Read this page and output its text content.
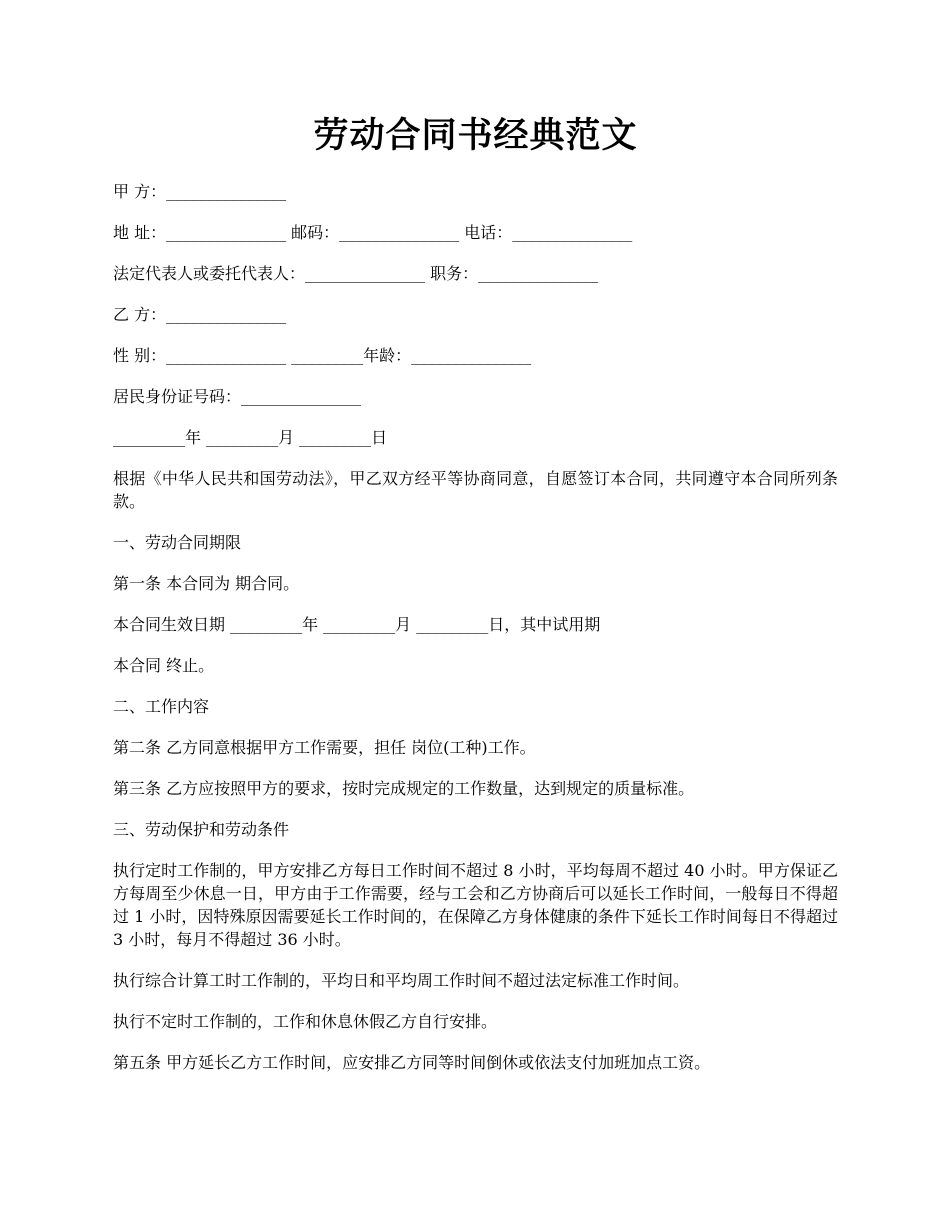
劳动合同书经典范文

甲 方：_______________

地 址：_______________ 邮码：_______________ 电话：_______________

法定代表人或委托代表人：_______________ 职务：_______________

乙 方：_______________

性 别：_______________ _________年龄：_______________

居民身份证号码：_______________

_________年 _________月 _________日

根据《中华人民共和国劳动法》，甲乙双方经平等协商同意，自愿签订本合同，共同遵守本合同所列条款。

一、劳动合同期限

第一条 本合同为 期合同。

本合同生效日期 _________年 _________月 _________日，其中试用期

本合同 终止。

二、工作内容

第二条 乙方同意根据甲方工作需要，担任 岗位(工种)工作。

第三条 乙方应按照甲方的要求，按时完成规定的工作数量，达到规定的质量标准。

三、劳动保护和劳动条件

执行定时工作制的，甲方安排乙方每日工作时间不超过 8 小时，平均每周不超过 40 小时。甲方保证乙方每周至少休息一日，甲方由于工作需要，经与工会和乙方协商后可以延长工作时间，一般每日不得超过 1 小时，因特殊原因需要延长工作时间的，在保障乙方身体健康的条件下延长工作时间每日不得超过 3 小时，每月不得超过 36 小时。

执行综合计算工时工作制的，平均日和平均周工作时间不超过法定标准工作时间。

执行不定时工作制的，工作和休息休假乙方自行安排。

第五条 甲方延长乙方工作时间，应安排乙方同等时间倒休或依法支付加班加点工资。
